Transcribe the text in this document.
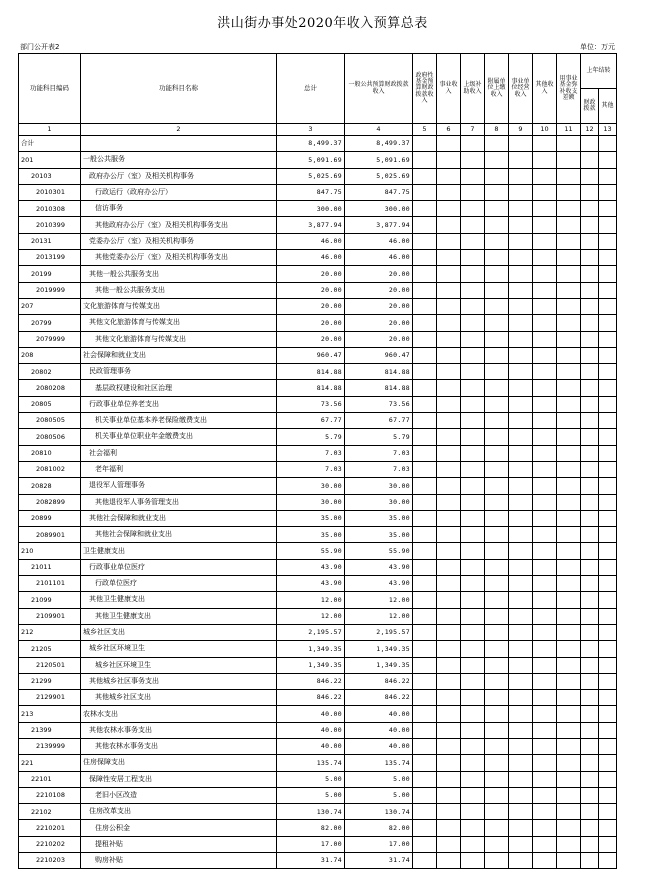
洪山街办事处2020年收入预算总表
部门公开表2	单位：万元
功能科目编码	功能科目名称	总计	一般公共预算财政拨款收入	政府性基金预算财政拨款收入	事业收入	上级补助收入	附属单位上缴收入	事业单位经营收入	其他收入	用事业基金弥补收支差额	上年结转	
											财政拨款	其他
1	2	3	4	5	6	7	8	9	10	11	12	13
合计		8,499.37	8,499.37									
201	一般公共服务	5,091.69	5,091.69									
20103	政府办公厅（室）及相关机构事务	5,025.69	5,025.69									
2010301	行政运行（政府办公厅）	847.75	847.75									
2010308	信访事务	300.00	300.00									
2010399	其他政府办公厅（室）及相关机构事务支出	3,877.94	3,877.94									
20131	党委办公厅（室）及相关机构事务	46.00	46.00									
2013199	其他党委办公厅（室）及相关机构事务支出	46.00	46.00									
20199	其他一般公共服务支出	20.00	20.00									
2019999	其他一般公共服务支出	20.00	20.00									
207	文化旅游体育与传媒支出	20.00	20.00									
20799	其他文化旅游体育与传媒支出	20.00	20.00									
2079999	其他文化旅游体育与传媒支出	20.00	20.00									
208	社会保障和就业支出	960.47	960.47									
20802	民政管理事务	814.88	814.88									
2080208	基层政权建设和社区治理	814.88	814.88									
20805	行政事业单位养老支出	73.56	73.56									
2080505	机关事业单位基本养老保险缴费支出	67.77	67.77									
2080506	机关事业单位职业年金缴费支出	5.79	5.79									
20810	社会福利	7.03	7.03									
2081002	老年福利	7.03	7.03									
20828	退役军人管理事务	30.00	30.00									
2082899	其他退役军人事务管理支出	30.00	30.00									
20899	其他社会保障和就业支出	35.00	35.00									
2089901	其他社会保障和就业支出	35.00	35.00									
210	卫生健康支出	55.90	55.90									
21011	行政事业单位医疗	43.90	43.90									
2101101	行政单位医疗	43.90	43.90									
21099	其他卫生健康支出	12.00	12.00									
2109901	其他卫生健康支出	12.00	12.00									
212	城乡社区支出	2,195.57	2,195.57									
21205	城乡社区环境卫生	1,349.35	1,349.35									
2120501	城乡社区环境卫生	1,349.35	1,349.35									
21299	其他城乡社区事务支出	846.22	846.22									
2129901	其他城乡社区支出	846.22	846.22									
213	农林水支出	40.00	40.00									
21399	其他农林水事务支出	40.00	40.00									
2139999	其他农林水事务支出	40.00	40.00									
221	住房保障支出	135.74	135.74									
22101	保障性安居工程支出	5.00	5.00									
2210108	老旧小区改造	5.00	5.00									
22102	住房改革支出	130.74	130.74									
2210201	住房公积金	82.00	82.00									
2210202	提租补贴	17.00	17.00									
2210203	购房补贴	31.74	31.74									
